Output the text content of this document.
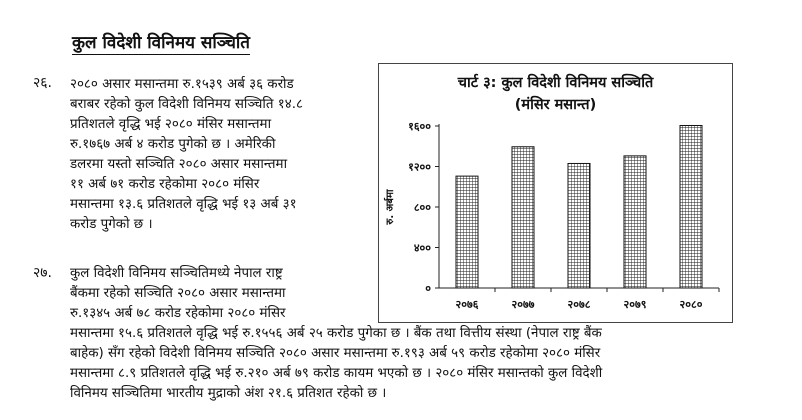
कुल विदेशी विनिमय सञ्चिति
२६. २०८० असार मसान्तमा रु.१५३९ अर्ब ३६ करोड
बराबर रहेको कुल विदेशी विनिमय सञ्चिति १४.८
प्रतिशतले वृद्धि भई २०८० मंसिर मसान्तमा
रु.१७६७ अर्ब ४ करोड पुगेको छ । अमेरिकी
डलरमा यस्तो सञ्चिति २०८० असार मसान्तमा
११ अर्ब ७१ करोड रहेकोमा २०८० मंसिर
मसान्तमा १३.६ प्रतिशतले वृद्धि भई १३ अर्ब ३१
करोड पुगेको छ ।
२७. कुल विदेशी विनिमय सञ्चितिमध्ये नेपाल राष्ट्र
बैंकमा रहेको सञ्चिति २०८० असार मसान्तमा
रु.१३४५ अर्ब ७८ करोड रहेकोमा २०८० मंसिर
मसान्तमा १५.६ प्रतिशतले वृद्धि भई रु.१५५६ अर्ब २५ करोड पुगेका छ । बैंक तथा वित्तीय संस्था (नेपाल राष्ट्र बैंक
बाहेक) सँग रहेको विदेशी विनिमय सञ्चिति २०८० असार मसान्तमा रु.१९३ अर्ब ५९ करोड रहेकोमा २०८० मंसिर
मसान्तमा ८.९ प्रतिशतले वृद्धि भई रु.२१० अर्ब ७९ करोड कायम भएको छ । २०८० मंसिर मसान्तको कुल विदेशी
विनिमय सञ्चितिमा भारतीय मुद्राको अंश २१.६ प्रतिशत रहेको छ ।
चार्ट ३: कुल विदेशी विनिमय सञ्चिति
(मंसिर मसान्त)
०
४००
८००
१२००
१६००
रु. अर्बमा
२०७६	२०७७	२०७८	२०७९	२०८०
